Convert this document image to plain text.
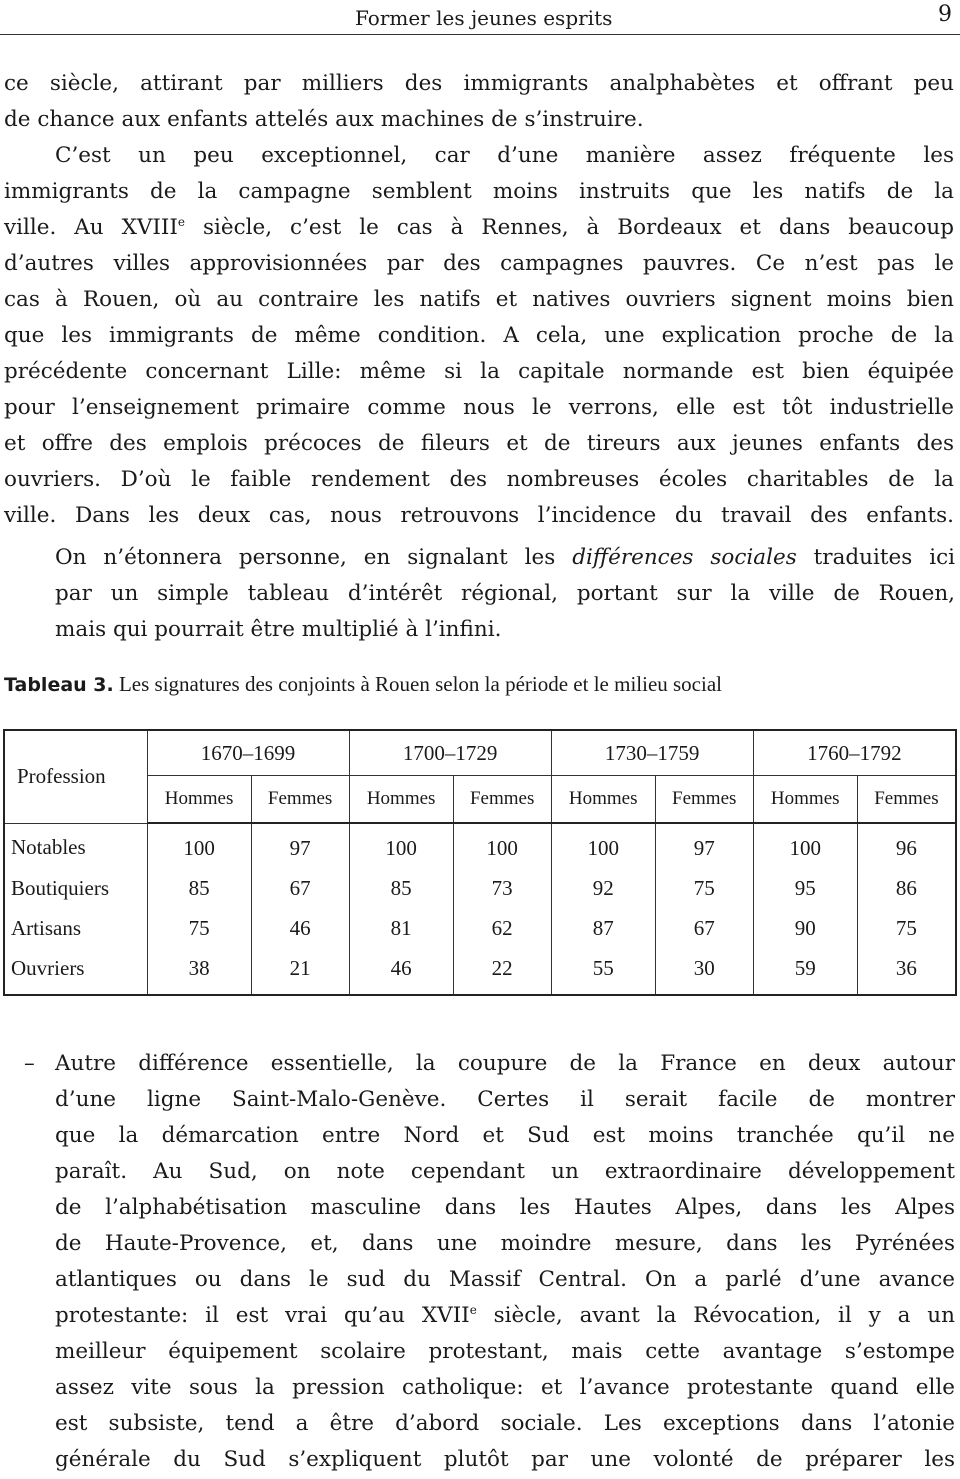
Former les jeunes esprits	9
ce siècle, attirant par milliers des immigrants analphabètes et offrant peu
de chance aux enfants attelés aux machines de s’instruire.
C’est un peu exceptionnel, car d’une manière assez fréquente les
immigrants de la campagne semblent moins instruits que les natifs de la
ville. Au XVIIIe siècle, c’est le cas à Rennes, à Bordeaux et dans beaucoup
d’autres villes approvisionnées par des campagnes pauvres. Ce n’est pas le
cas à Rouen, où au contraire les natifs et natives ouvriers signent moins bien
que les immigrants de même condition. A cela, une explication proche de la
précédente concernant Lille: même si la capitale normande est bien équipée
pour l’enseignement primaire comme nous le verrons, elle est tôt industrielle
et offre des emplois précoces de fileurs et de tireurs aux jeunes enfants des
ouvriers. D’où le faible rendement des nombreuses écoles charitables de la
ville. Dans les deux cas, nous retrouvons l’incidence du travail des enfants.
On n’étonnera personne, en signalant les différences sociales traduites ici
par un simple tableau d’intérêt régional, portant sur la ville de Rouen,
mais qui pourrait être multiplié à l’infini.
Tableau 3. Les signatures des conjoints à Rouen selon la période et le milieu social
Profession	1670–1699		1700–1729		1730–1759		1760–1792	
	Hommes	Femmes	Hommes	Femmes	Hommes	Femmes	Hommes	Femmes
Notables	100	97	100	100	100	97	100	96
Boutiquiers	85	67	85	73	92	75	95	86
Artisans	75	46	81	62	87	67	90	75
Ouvriers	38	21	46	22	55	30	59	36
– Autre différence essentielle, la coupure de la France en deux autour
d’une ligne Saint-Malo-Genève. Certes il serait facile de montrer
que la démarcation entre Nord et Sud est moins tranchée qu’il ne
paraît. Au Sud, on note cependant un extraordinaire développement
de l’alphabétisation masculine dans les Hautes Alpes, dans les Alpes
de Haute-Provence, et, dans une moindre mesure, dans les Pyrénées
atlantiques ou dans le sud du Massif Central. On a parlé d’une avance
protestante: il est vrai qu’au XVIIe siècle, avant la Révocation, il y a un
meilleur équipement scolaire protestant, mais cette avantage s’estompe
assez vite sous la pression catholique: et l’avance protestante quand elle
est subsiste, tend a être d’abord sociale. Les exceptions dans l’atonie
générale du Sud s’expliquent plutôt par une volonté de préparer les
